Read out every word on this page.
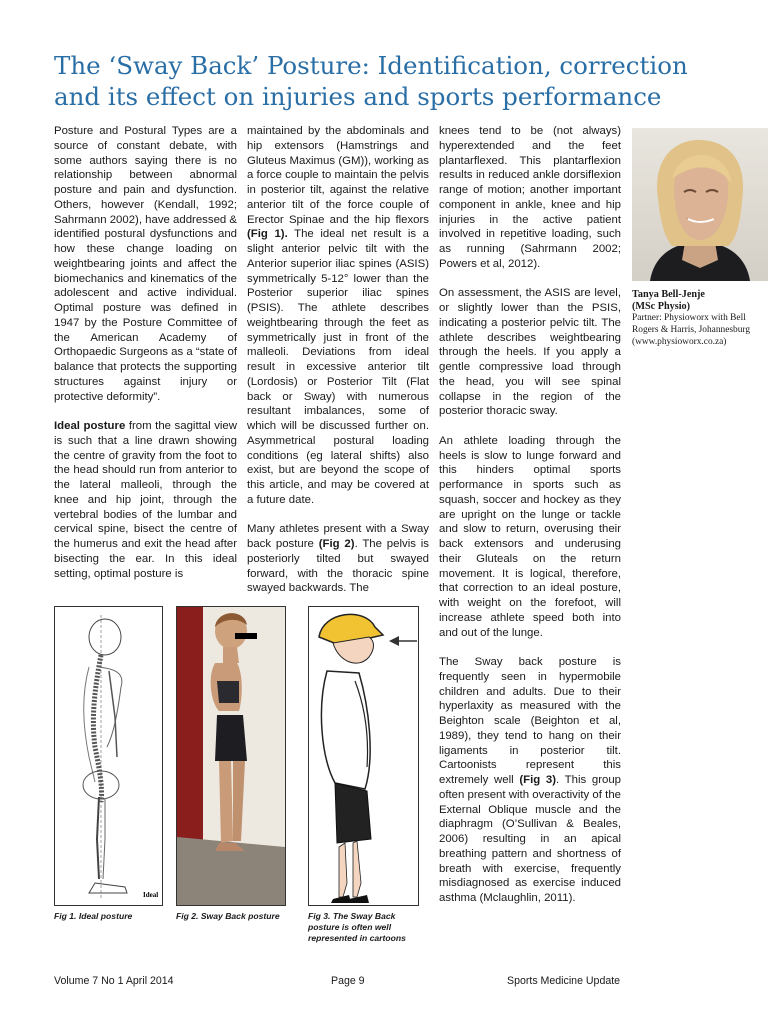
The ‘Sway Back’ Posture: Identification, correction and its effect on injuries and sports performance

Posture and Postural Types are a source of constant debate, with some authors saying there is no relationship between abnormal posture and pain and dysfunction. Others, however (Kendall, 1992; Sahrmann 2002), have addressed & identified postural dysfunctions and how these change loading on weightbearing joints and affect the biomechanics and kinematics of the adolescent and active individual. Optimal posture was defined in 1947 by the Posture Committee of the American Academy of Orthopaedic Surgeons as a “state of balance that protects the supporting structures against injury or protective deformity”.

Ideal posture from the sagittal view is such that a line drawn showing the centre of gravity from the foot to the head should run from anterior to the lateral malleoli, through the knee and hip joint, through the vertebral bodies of the lumbar and cervical spine, bisect the centre of the humerus and exit the head after bisecting the ear. In this ideal setting, optimal posture is

maintained by the abdominals and hip extensors (Hamstrings and Gluteus Maximus (GM)), working as a force couple to maintain the pelvis in posterior tilt, against the relative anterior tilt of the force couple of Erector Spinae and the hip flexors (Fig 1). The ideal net result is a slight anterior pelvic tilt with the Anterior superior iliac spines (ASIS) symmetrically 5-12° lower than the Posterior superior iliac spines (PSIS). The athlete describes weightbearing through the feet as symmetrically just in front of the malleoli. Deviations from ideal result in excessive anterior tilt (Lordosis) or Posterior Tilt (Flat back or Sway) with numerous resultant imbalances, some of which will be discussed further on. Asymmetrical postural loading conditions (eg lateral shifts) also exist, but are beyond the scope of this article, and may be covered at a future date.

Many athletes present with a Sway back posture (Fig 2). The pelvis is posteriorly tilted but swayed forward, with the thoracic spine swayed backwards. The

knees tend to be (not always) hyperextended and the feet plantarflexed. This plantarflexion results in reduced ankle dorsiflexion range of motion; another important component in ankle, knee and hip injuries in the active patient involved in repetitive loading, such as running (Sahrmann 2002; Powers et al, 2012).

On assessment, the ASIS are level, or slightly lower than the PSIS, indicating a posterior pelvic tilt. The athlete describes weightbearing through the heels. If you apply a gentle compressive load through the head, you will see spinal collapse in the region of the posterior thoracic sway.

An athlete loading through the heels is slow to lunge forward and this hinders optimal sports performance in sports such as squash, soccer and hockey as they are upright on the lunge or tackle and slow to return, overusing their back extensors and underusing their Gluteals on the return movement. It is logical, therefore, that correction to an ideal posture, with weight on the forefoot, will increase athlete speed both into and out of the lunge.

The Sway back posture is frequently seen in hypermobile children and adults. Due to their hyperlaxity as measured with the Beighton scale (Beighton et al, 1989), they tend to hang on their ligaments in posterior tilt. Cartoonists represent this extremely well (Fig 3). This group often present with overactivity of the External Oblique muscle and the diaphragm (O’Sullivan & Beales, 2006) resulting in an apical breathing pattern and shortness of breath with exercise, frequently misdiagnosed as exercise induced asthma (Mclaughlin, 2011).

Tanya Bell-Jenje
(MSc Physio)
Partner: Physioworx with Bell Rogers & Harris, Johannesburg
(www.physioworx.co.za)
Ideal
Fig 1. Ideal posture	Fig 2. Sway Back posture	Fig 3. The Sway Back posture is often well represented in cartoons
Volume 7 No 1 April 2014	Page 9	Sports Medicine Update
